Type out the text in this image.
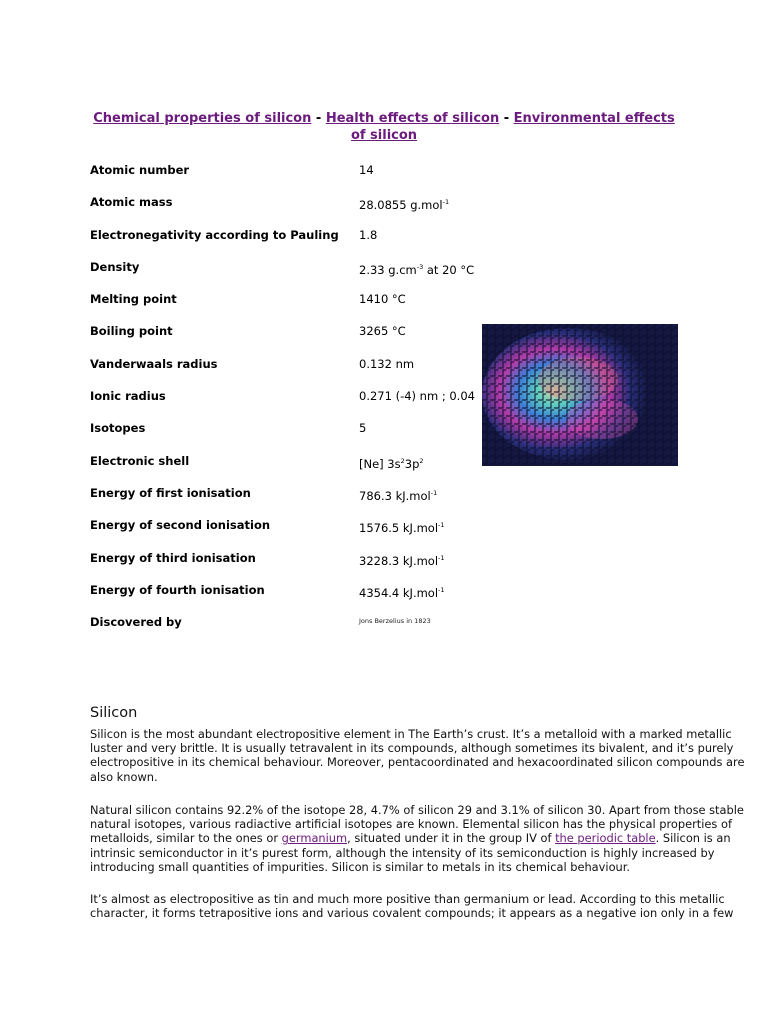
Chemical properties of silicon - Health effects of silicon - Environmental effects of silicon
Atomic number	14
Atomic mass	28.0855 g.mol$^{-1}$
Electronegativity according to Pauling 1.8
Density	2.33 $g.cm^{-3}$ at 20 °C
Melting point	1410 °C
Boiling point	3265 °C
Vanderwaals radius	0.132 nm
Ionic radius	0.271 (-4) nm ; 0.04
Isotopes	5
Electronic shell	[Ne] $3s^23p^2$
Energy of first ionisation	786.3 kJ.mol$^{-1}$
Energy of second ionisation	1576.5 kJ.mol$^{-1}$
Energy of third ionisation	3228.3 kJ.mol$^{-1}$
Energy of fourth ionisation	4354.4 kJ.mol$^{-1}$
Discovered by	Jons Berzelius in 1823
Silicon

Silicon is the most abundant electropositive element in The Earth’s crust. It’s a metalloid with a marked metallic luster and very brittle. It is usually tetravalent in its compounds, although sometimes its bivalent, and it’s purely electropositive in its chemical behaviour. Moreover, pentacoordinated and hexacoordinated silicon compounds are also known.

Natural silicon contains 92.2% of the isotope 28, 4.7% of silicon 29 and 3.1% of silicon 30. Apart from those stable natural isotopes, various radiactive artificial isotopes are known. Elemental silicon has the physical properties of metalloids, similar to the ones or germanium, situated under it in the group IV of the periodic table. Silicon is an intrinsic semiconductor in it’s purest form, although the intensity of its semiconduction is highly increased by introducing small quantities of impurities. Silicon is similar to metals in its chemical behaviour.

It’s almost as electropositive as tin and much more positive than germanium or lead. According to this metallic character, it forms tetrapositive ions and various covalent compounds; it appears as a negative ion only in a few
